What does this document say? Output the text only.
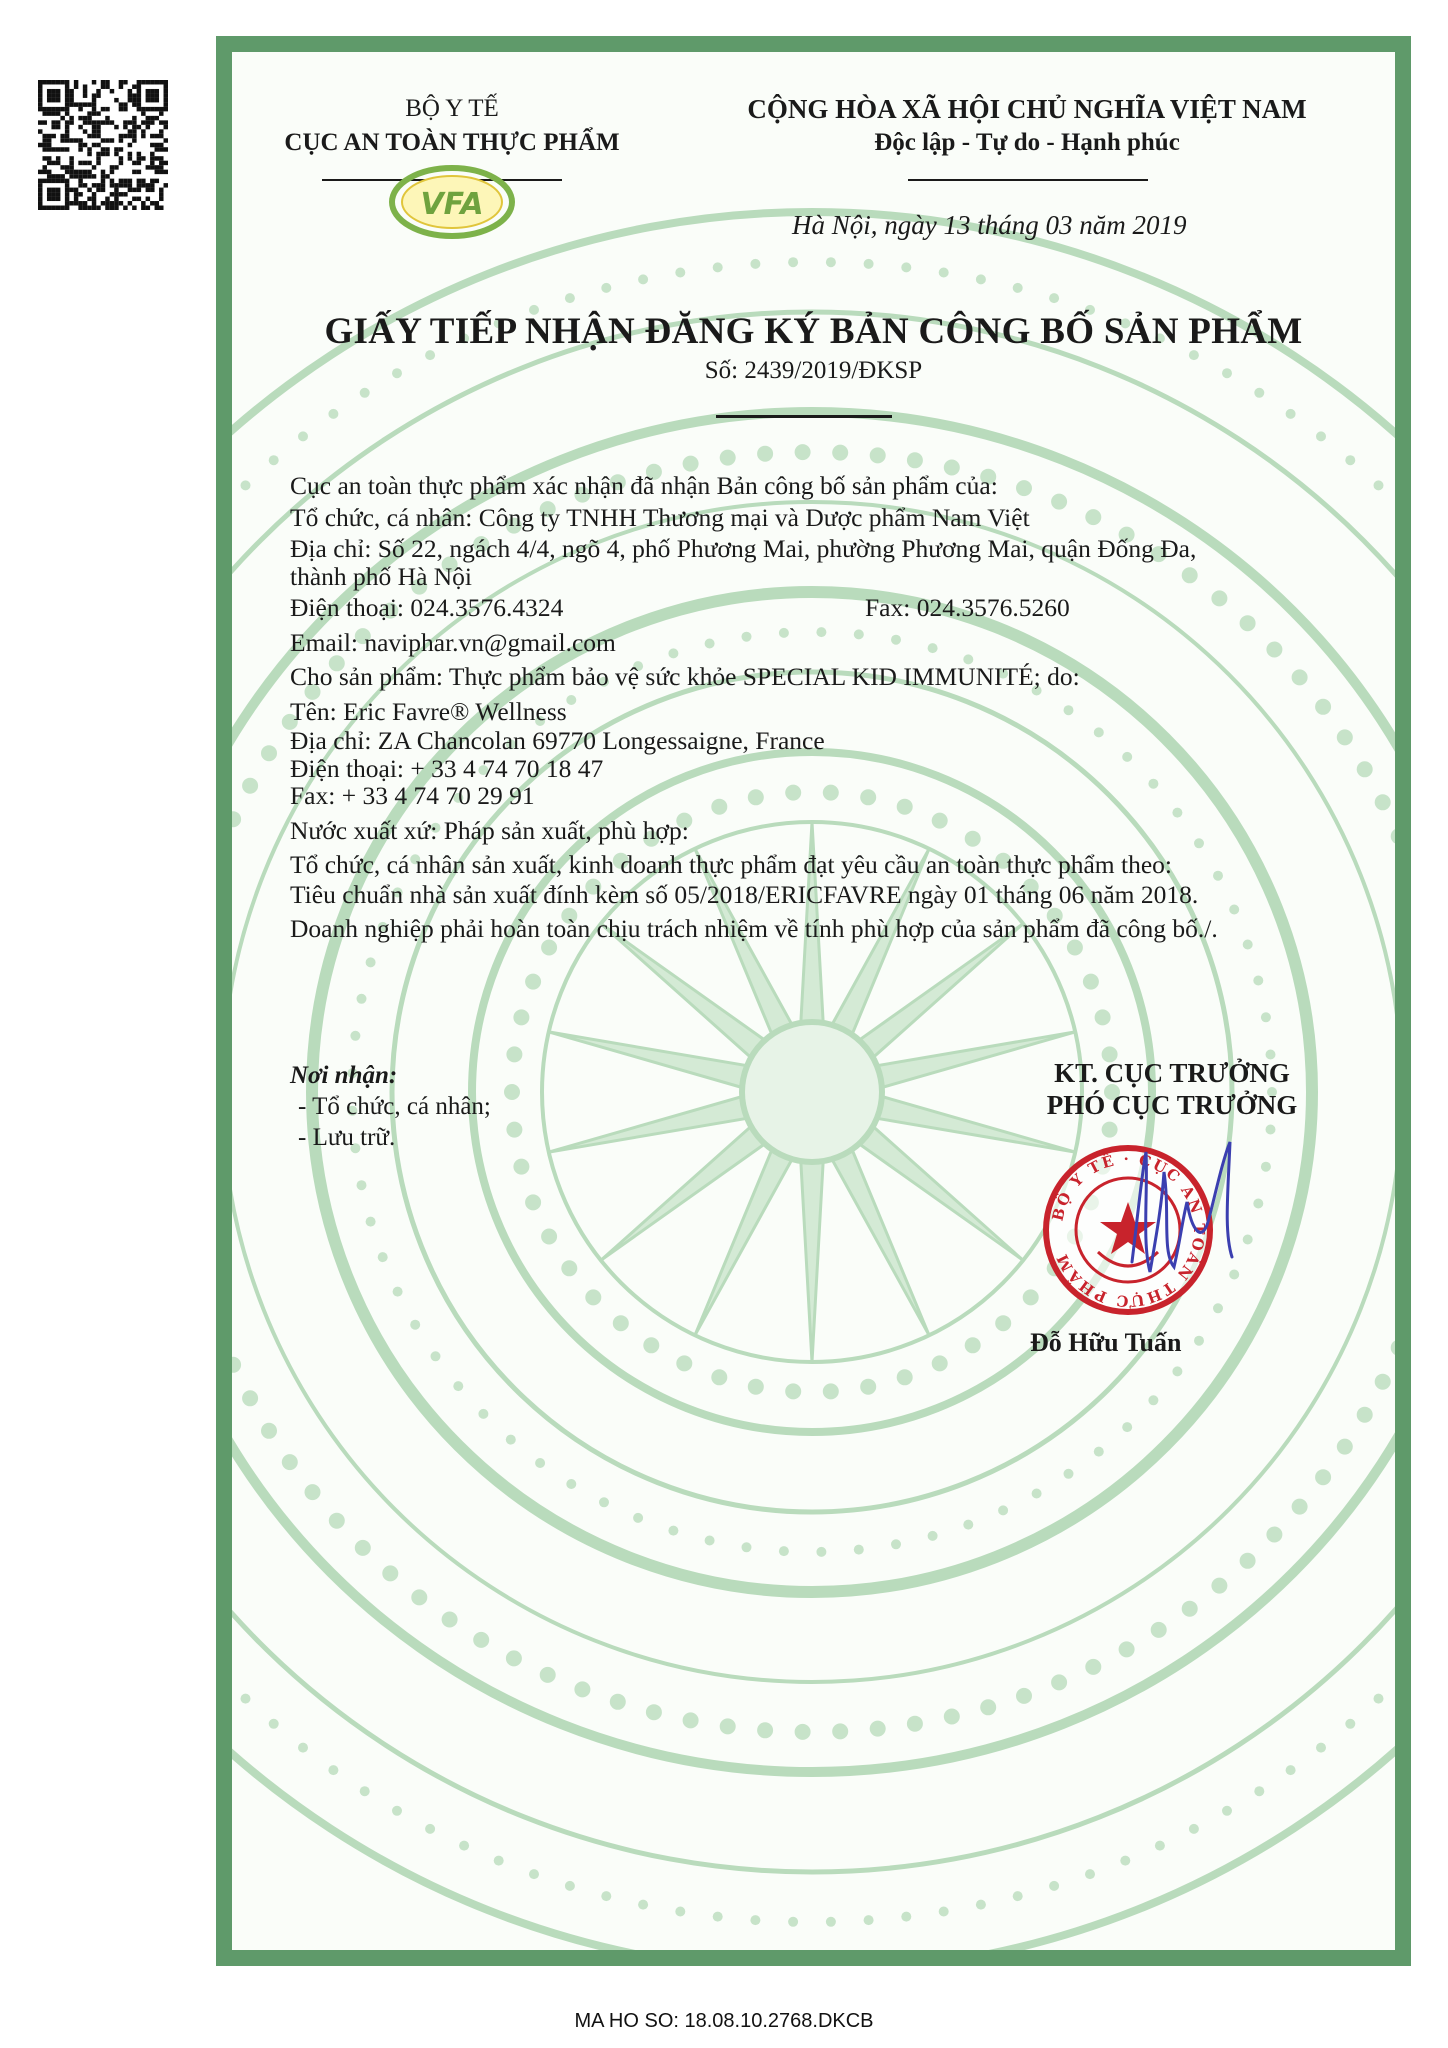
BỘ Y TẾ
CỤC AN TOÀN THỰC PHẨM
VFA
CỘNG HÒA XÃ HỘI CHỦ NGHĨA VIỆT NAM
Độc lập - Tự do - Hạnh phúc
Hà Nội, ngày 13 tháng 03 năm 2019
GIẤY TIẾP NHẬN ĐĂNG KÝ BẢN CÔNG BỐ SẢN PHẨM
Số: 2439/2019/ĐKSP
Cục an toàn thực phẩm xác nhận đã nhận Bản công bố sản phẩm của:
Tổ chức, cá nhân: Công ty TNHH Thương mại và Dược phẩm Nam Việt
Địa chỉ: Số 22, ngách 4/4, ngõ 4, phố Phương Mai, phường Phương Mai, quận Đống Đa,
thành phố Hà Nội
Điện thoại: 024.3576.4324	Fax: 024.3576.5260
Email: naviphar.vn@gmail.com
Cho sản phẩm: Thực phẩm bảo vệ sức khỏe SPECIAL KID IMMUNITÉ; do:
Tên: Eric Favre® Wellness
Địa chỉ: ZA Chancolan 69770 Longessaigne, France
Điện thoại: + 33 4 74 70 18 47
Fax: + 33 4 74 70 29 91
Nước xuất xứ: Pháp sản xuất, phù hợp:
Tổ chức, cá nhân sản xuất, kinh doanh thực phẩm đạt yêu cầu an toàn thực phẩm theo:
Tiêu chuẩn nhà sản xuất đính kèm số 05/2018/ERICFAVRE ngày 01 tháng 06 năm 2018.
Doanh nghiệp phải hoàn toàn chịu trách nhiệm về tính phù hợp của sản phẩm đã công bố./.
Nơi nhận:
- Tổ chức, cá nhân;
- Lưu trữ.
KT. CỤC TRƯỞNG
PHÓ CỤC TRƯỞNG
BỘ Y TẾ · CỤC AN TOÀN THỰC PHẨM
Đỗ Hữu Tuấn
MA HO SO: 18.08.10.2768.DKCB
